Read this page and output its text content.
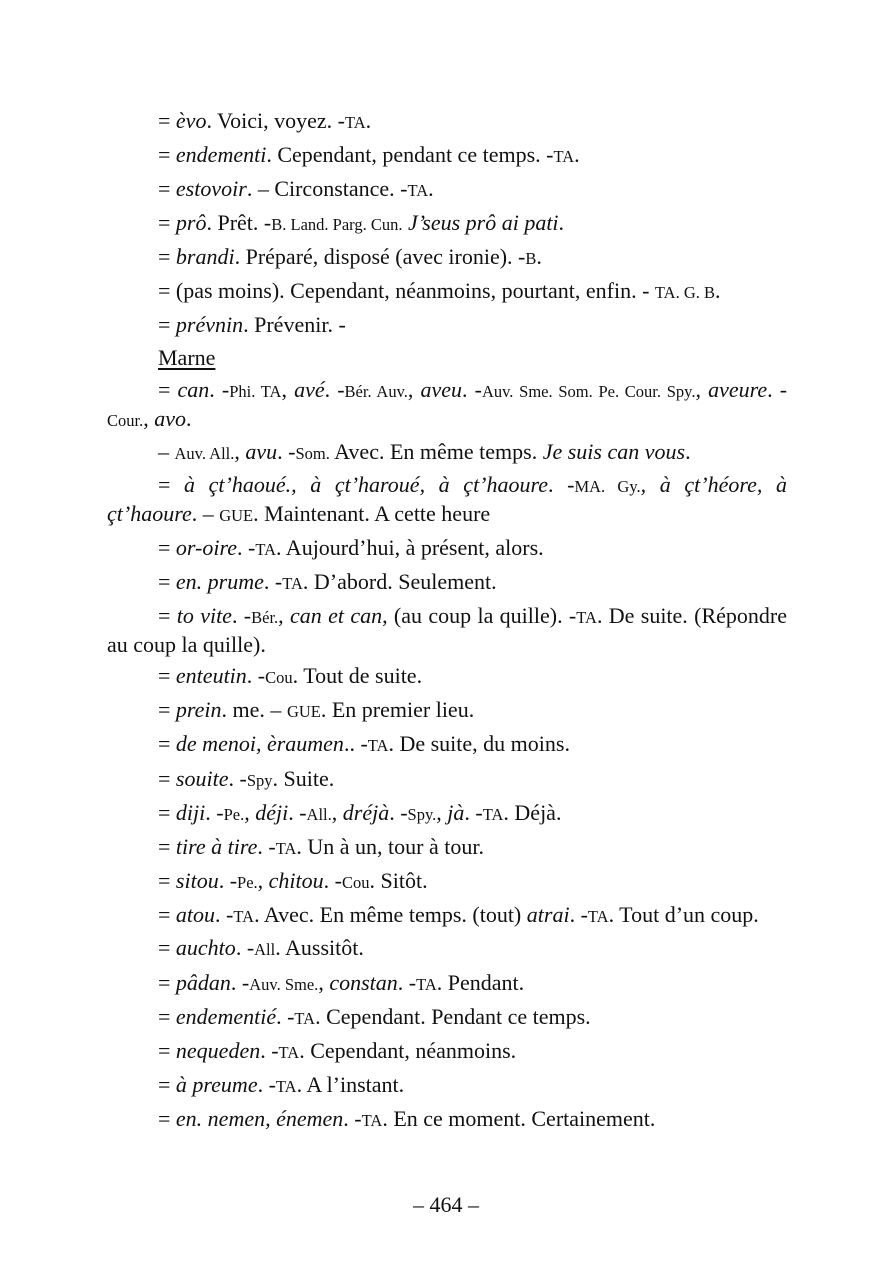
= èvo. Voici, voyez. -TA.

= endementi. Cependant, pendant ce temps. -TA.

= estovoir. – Circonstance. -TA.

= prô. Prêt. -B. Land. Parg. Cun. J’seus prô ai pati.

= brandi. Préparé, disposé (avec ironie). -B.

= (pas moins). Cependant, néanmoins, pourtant, enfin. - TA. G. B.

= prévnin. Prévenir. -

Marne

= can. -Phi. TA, avé. -Bér. Auv., aveu. -Auv. Sme. Som. Pe. Cour. Spy., aveure. -Cour., avo.

– Auv. All., avu. -Som. Avec. En même temps. Je suis can vous.

= à çt’haoué., à çt’haroué, à çt’haoure. -MA. Gy., à çt’héore, à çt’haoure. – GUE. Maintenant. A cette heure

= or-oire. -TA. Aujourd’hui, à présent, alors.

= en. prume. -TA. D’abord. Seulement.

= to vite. -Bér., can et can, (au coup la quille). -TA. De suite. (Répondre au coup la quille).

= enteutin. -Cou. Tout de suite.

= prein. me. – GUE. En premier lieu.

= de menoi, èraumen.. -TA. De suite, du moins.

= souite. -Spy. Suite.

= diji. -Pe., déji. -All., dréjà. -Spy., jà. -TA. Déjà.

= tire à tire. -TA. Un à un, tour à tour.

= sitou. -Pe., chitou. -Cou. Sitôt.

= atou. -TA. Avec. En même temps. (tout) atrai. -TA. Tout d’un coup.

= auchto. -All. Aussitôt.

= pâdan. -Auv. Sme., constan. -TA. Pendant.

= endementié. -TA. Cependant. Pendant ce temps.

= nequeden. -TA. Cependant, néanmoins.

= à preume. -TA. A l’instant.

= en. nemen, énemen. -TA. En ce moment. Certainement.

– 464 –
